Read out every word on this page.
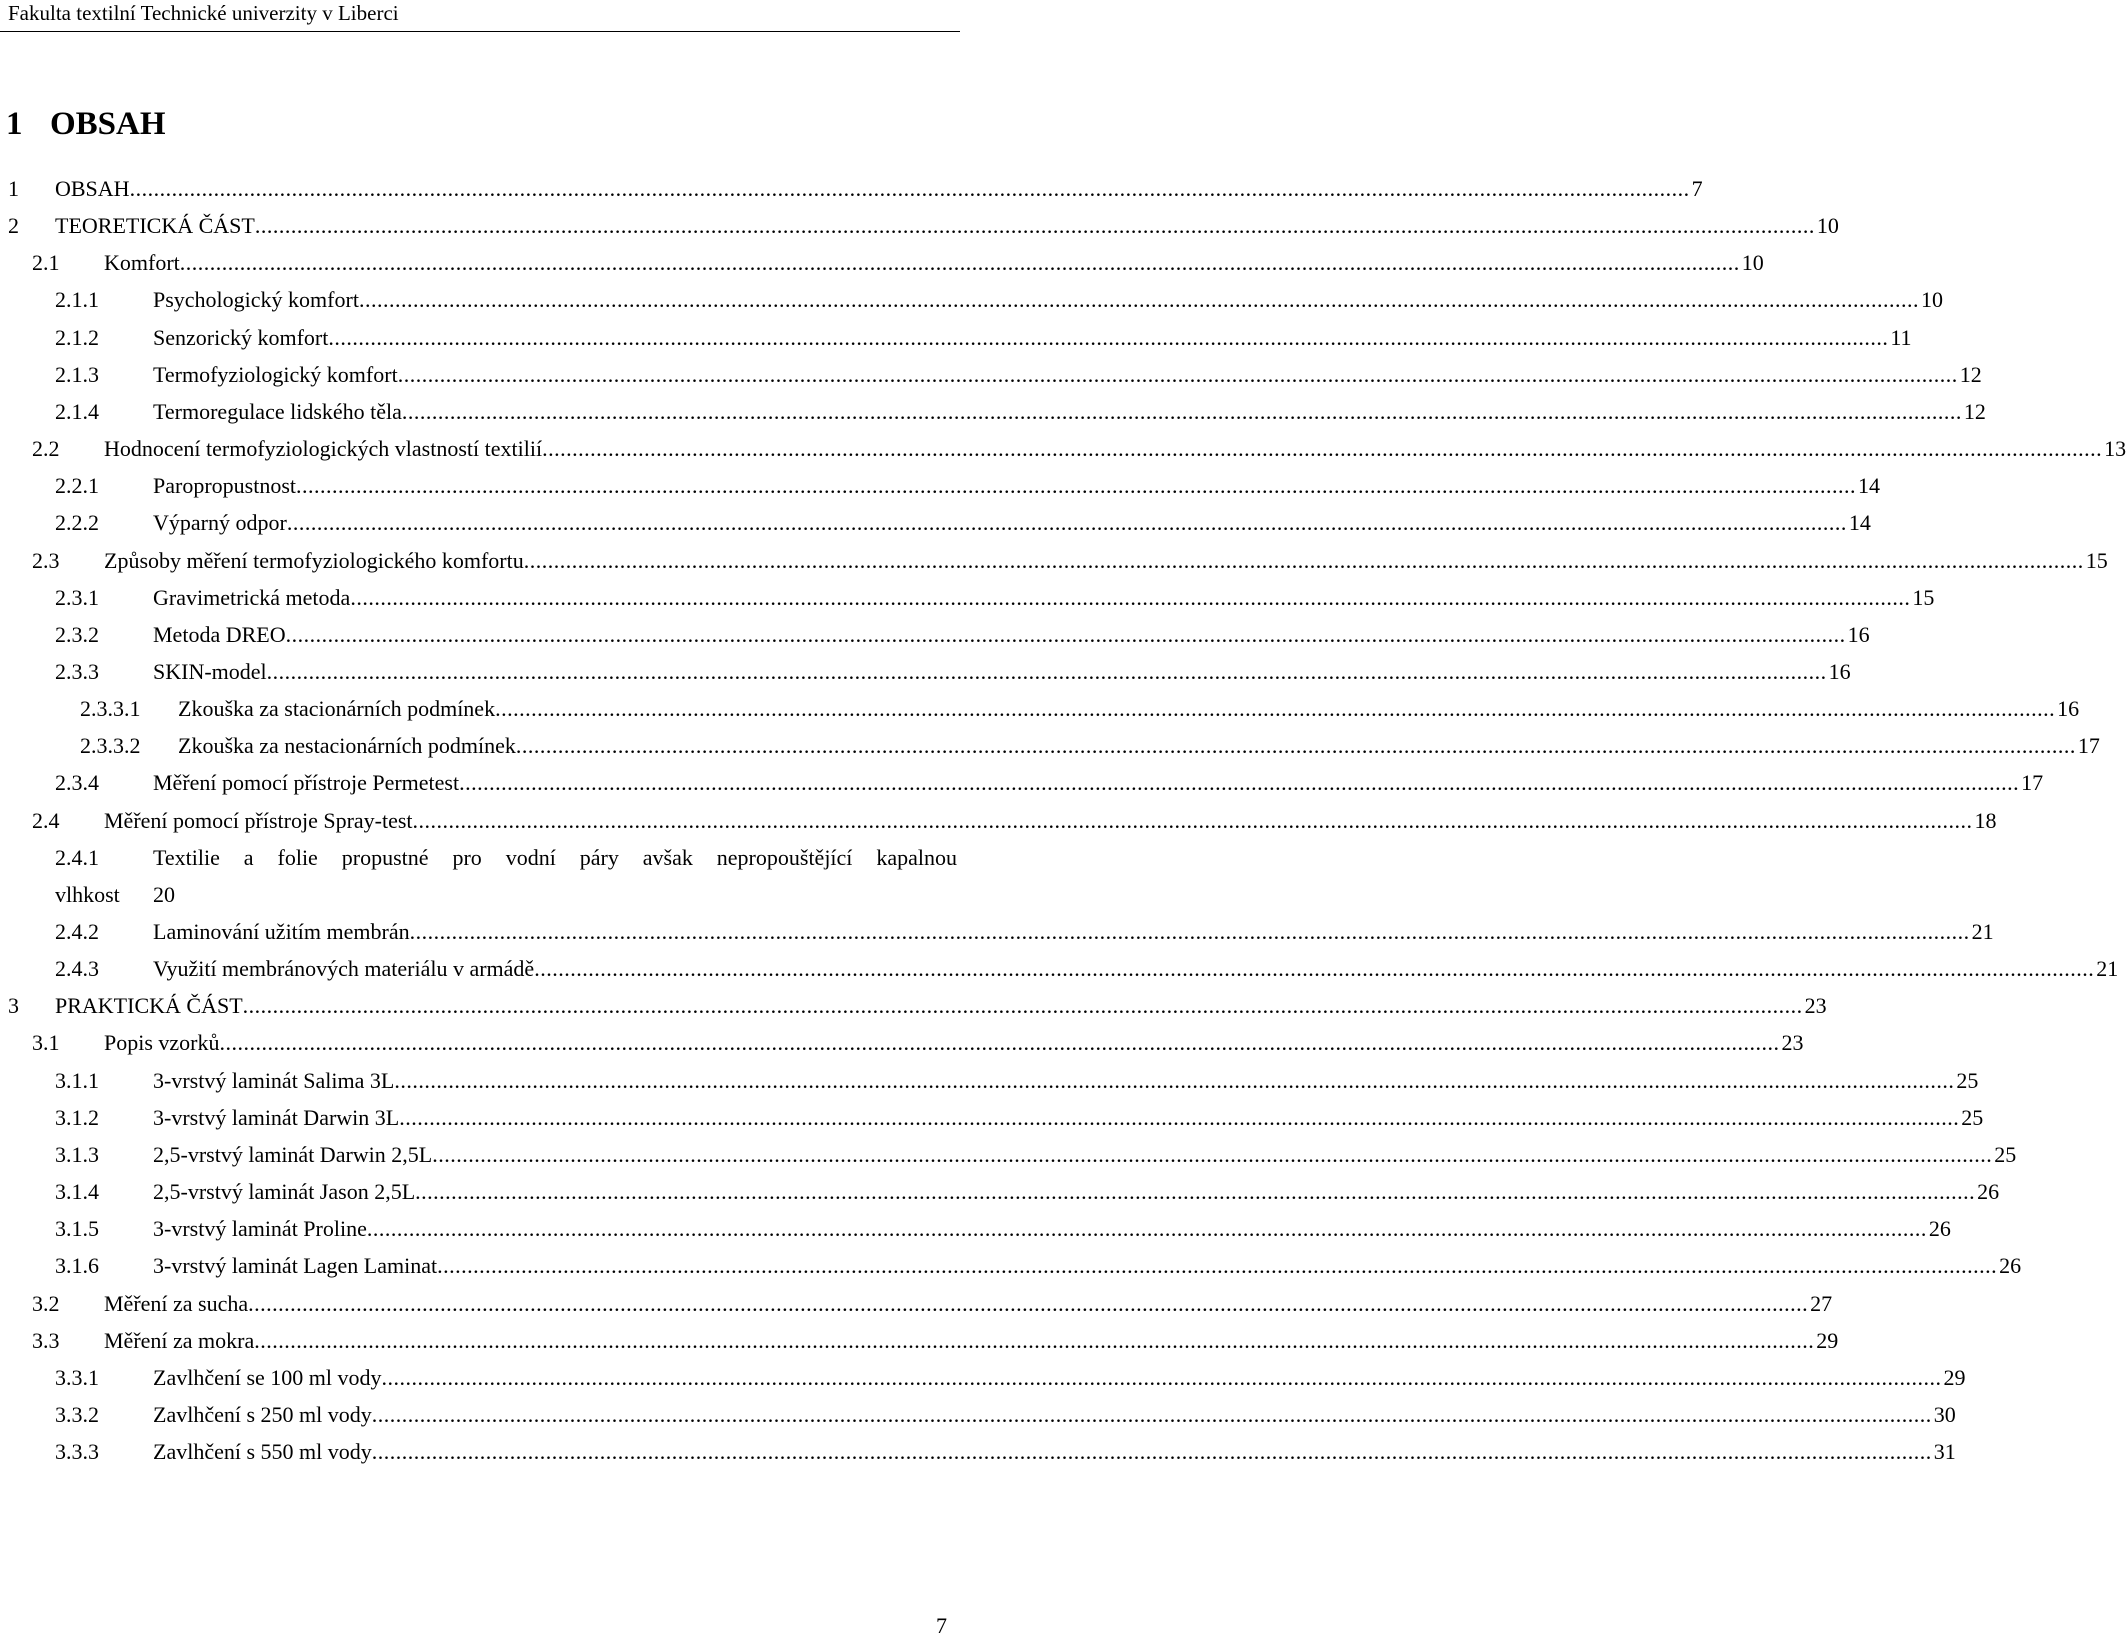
Fakulta textilní Technické univerzity v Liberci
1 OBSAH
1 OBSAH .................................................................................................................................................................................................................................................................... 7
2 TEORETICKÁ ČÁST .................................................................................................................................................................................................................................................................... 10
2.1 Komfort .................................................................................................................................................................................................................................................................... 10
2.1.1 Psychologický komfort .................................................................................................................................................................................................................................................................... 10
2.1.2 Senzorický komfort .................................................................................................................................................................................................................................................................... 11
2.1.3 Termofyziologický komfort .................................................................................................................................................................................................................................................................... 12
2.1.4 Termoregulace lidského těla .................................................................................................................................................................................................................................................................... 12
2.2 Hodnocení termofyziologických vlastností textilií .................................................................................................................................................................................................................................................................... 13
2.2.1 Paropropustnost .................................................................................................................................................................................................................................................................... 14
2.2.2 Výparný odpor .................................................................................................................................................................................................................................................................... 14
2.3 Způsoby měření termofyziologického komfortu .................................................................................................................................................................................................................................................................... 15
2.3.1 Gravimetrická metoda .................................................................................................................................................................................................................................................................... 15
2.3.2 Metoda DREO .................................................................................................................................................................................................................................................................... 16
2.3.3 SKIN-model .................................................................................................................................................................................................................................................................... 16
2.3.3.1 Zkouška za stacionárních podmínek .................................................................................................................................................................................................................................................................... 16
2.3.3.2 Zkouška za nestacionárních podmínek .................................................................................................................................................................................................................................................................... 17
2.3.4 Měření pomocí přístroje Permetest .................................................................................................................................................................................................................................................................... 17
2.4 Měření pomocí přístroje Spray-test .................................................................................................................................................................................................................................................................... 18
2.4.1 Textilie a folie propustné pro vodní páry avšak nepropouštějící kapalnou
vlhkost 20
2.4.2 Laminování užitím membrán .................................................................................................................................................................................................................................................................... 21
2.4.3 Využití membránových materiálu v armádě .................................................................................................................................................................................................................................................................... 21
3 PRAKTICKÁ ČÁST .................................................................................................................................................................................................................................................................... 23
3.1 Popis vzorků .................................................................................................................................................................................................................................................................... 23
3.1.1 3-vrstvý laminát Salima 3L .................................................................................................................................................................................................................................................................... 25
3.1.2 3-vrstvý laminát Darwin 3L .................................................................................................................................................................................................................................................................... 25
3.1.3 2,5-vrstvý laminát Darwin 2,5L .................................................................................................................................................................................................................................................................... 25
3.1.4 2,5-vrstvý laminát Jason 2,5L .................................................................................................................................................................................................................................................................... 26
3.1.5 3-vrstvý laminát Proline .................................................................................................................................................................................................................................................................... 26
3.1.6 3-vrstvý laminát Lagen Laminat .................................................................................................................................................................................................................................................................... 26
3.2 Měření za sucha .................................................................................................................................................................................................................................................................... 27
3.3 Měření za mokra .................................................................................................................................................................................................................................................................... 29
3.3.1 Zavlhčení se 100 ml vody .................................................................................................................................................................................................................................................................... 29
3.3.2 Zavlhčení s 250 ml vody .................................................................................................................................................................................................................................................................... 30
3.3.3 Zavlhčení s 550 ml vody .................................................................................................................................................................................................................................................................... 31
7
